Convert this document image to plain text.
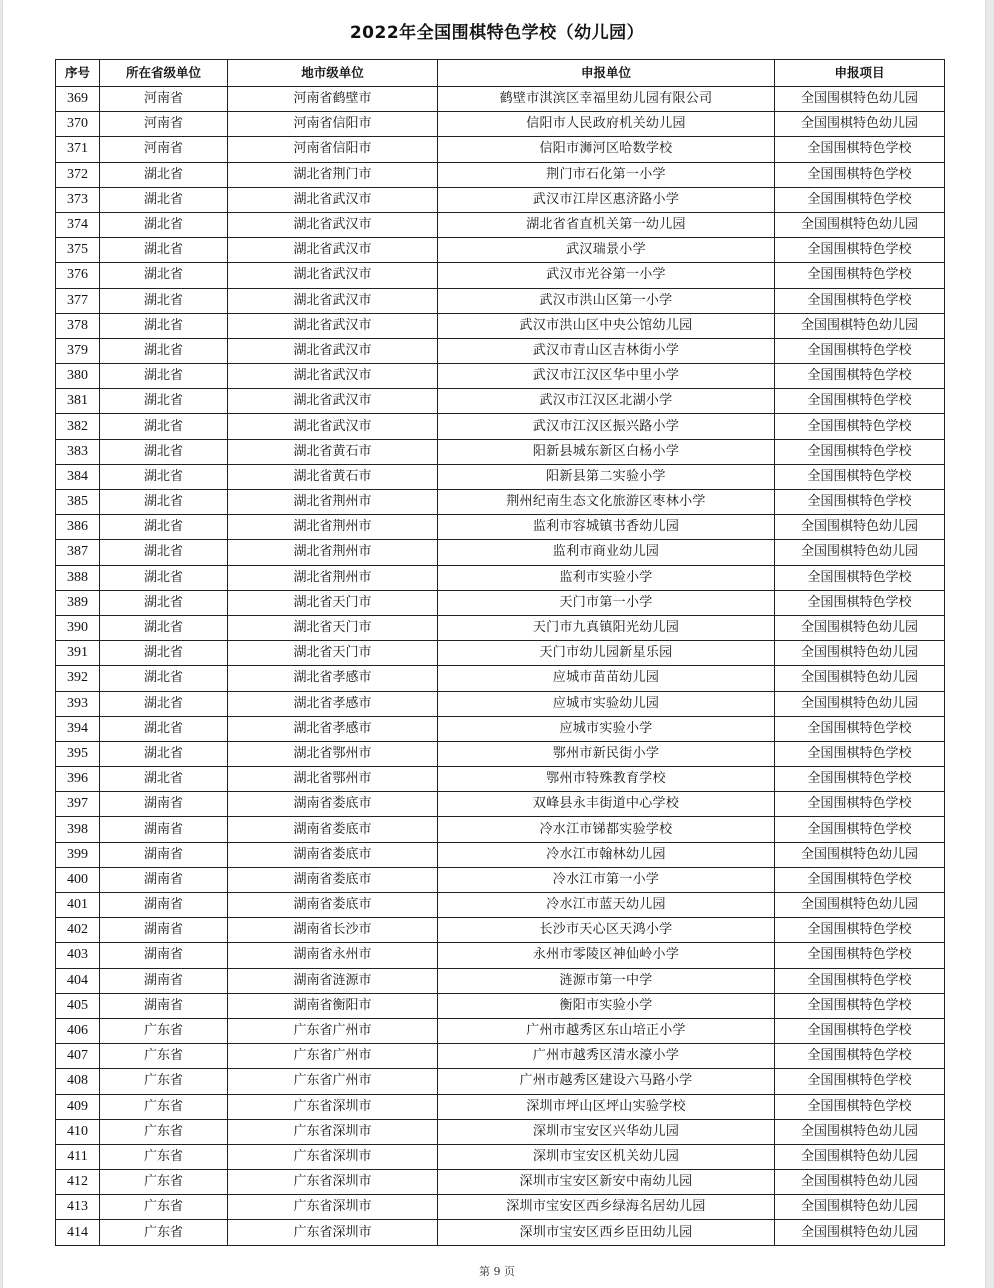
2022年全国围棋特色学校（幼儿园）
序号	所在省级单位	地市级单位	申报单位	申报项目
369	河南省	河南省鹤壁市	鹤壁市淇滨区幸福里幼儿园有限公司	全国围棋特色幼儿园
370	河南省	河南省信阳市	信阳市人民政府机关幼儿园	全国围棋特色幼儿园
371	河南省	河南省信阳市	信阳市浉河区哈数学校	全国围棋特色学校
372	湖北省	湖北省荆门市	荆门市石化第一小学	全国围棋特色学校
373	湖北省	湖北省武汉市	武汉市江岸区惠济路小学	全国围棋特色学校
374	湖北省	湖北省武汉市	湖北省省直机关第一幼儿园	全国围棋特色幼儿园
375	湖北省	湖北省武汉市	武汉瑞景小学	全国围棋特色学校
376	湖北省	湖北省武汉市	武汉市光谷第一小学	全国围棋特色学校
377	湖北省	湖北省武汉市	武汉市洪山区第一小学	全国围棋特色学校
378	湖北省	湖北省武汉市	武汉市洪山区中央公馆幼儿园	全国围棋特色幼儿园
379	湖北省	湖北省武汉市	武汉市青山区吉林街小学	全国围棋特色学校
380	湖北省	湖北省武汉市	武汉市江汉区华中里小学	全国围棋特色学校
381	湖北省	湖北省武汉市	武汉市江汉区北湖小学	全国围棋特色学校
382	湖北省	湖北省武汉市	武汉市江汉区振兴路小学	全国围棋特色学校
383	湖北省	湖北省黄石市	阳新县城东新区白杨小学	全国围棋特色学校
384	湖北省	湖北省黄石市	阳新县第二实验小学	全国围棋特色学校
385	湖北省	湖北省荆州市	荆州纪南生态文化旅游区枣林小学	全国围棋特色学校
386	湖北省	湖北省荆州市	监利市容城镇书香幼儿园	全国围棋特色幼儿园
387	湖北省	湖北省荆州市	监利市商业幼儿园	全国围棋特色幼儿园
388	湖北省	湖北省荆州市	监利市实验小学	全国围棋特色学校
389	湖北省	湖北省天门市	天门市第一小学	全国围棋特色学校
390	湖北省	湖北省天门市	天门市九真镇阳光幼儿园	全国围棋特色幼儿园
391	湖北省	湖北省天门市	天门市幼儿园新星乐园	全国围棋特色幼儿园
392	湖北省	湖北省孝感市	应城市苗苗幼儿园	全国围棋特色幼儿园
393	湖北省	湖北省孝感市	应城市实验幼儿园	全国围棋特色幼儿园
394	湖北省	湖北省孝感市	应城市实验小学	全国围棋特色学校
395	湖北省	湖北省鄂州市	鄂州市新民街小学	全国围棋特色学校
396	湖北省	湖北省鄂州市	鄂州市特殊教育学校	全国围棋特色学校
397	湖南省	湖南省娄底市	双峰县永丰街道中心学校	全国围棋特色学校
398	湖南省	湖南省娄底市	冷水江市锑都实验学校	全国围棋特色学校
399	湖南省	湖南省娄底市	冷水江市翰林幼儿园	全国围棋特色幼儿园
400	湖南省	湖南省娄底市	冷水江市第一小学	全国围棋特色学校
401	湖南省	湖南省娄底市	冷水江市蓝天幼儿园	全国围棋特色幼儿园
402	湖南省	湖南省长沙市	长沙市天心区天鸿小学	全国围棋特色学校
403	湖南省	湖南省永州市	永州市零陵区神仙岭小学	全国围棋特色学校
404	湖南省	湖南省涟源市	涟源市第一中学	全国围棋特色学校
405	湖南省	湖南省衡阳市	衡阳市实验小学	全国围棋特色学校
406	广东省	广东省广州市	广州市越秀区东山培正小学	全国围棋特色学校
407	广东省	广东省广州市	广州市越秀区清水濠小学	全国围棋特色学校
408	广东省	广东省广州市	广州市越秀区建设六马路小学	全国围棋特色学校
409	广东省	广东省深圳市	深圳市坪山区坪山实验学校	全国围棋特色学校
410	广东省	广东省深圳市	深圳市宝安区兴华幼儿园	全国围棋特色幼儿园
411	广东省	广东省深圳市	深圳市宝安区机关幼儿园	全国围棋特色幼儿园
412	广东省	广东省深圳市	深圳市宝安区新安中南幼儿园	全国围棋特色幼儿园
413	广东省	广东省深圳市	深圳市宝安区西乡绿海名居幼儿园	全国围棋特色幼儿园
414	广东省	广东省深圳市	深圳市宝安区西乡臣田幼儿园	全国围棋特色幼儿园
第 9 页
